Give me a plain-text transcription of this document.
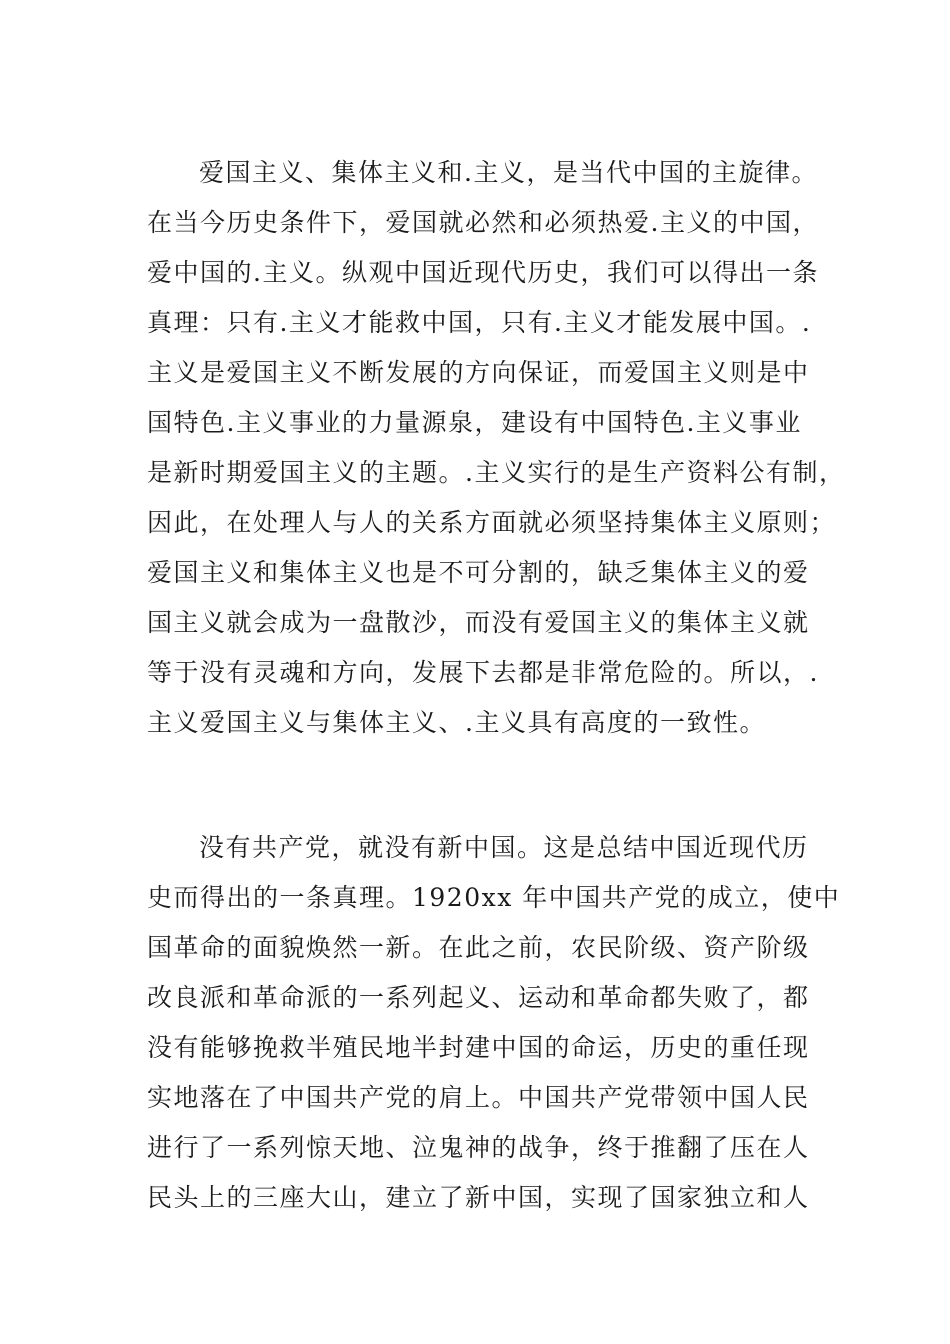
爱国主义、集体主义和.主义，是当代中国的主旋律。
在当今历史条件下，爱国就必然和必须热爱.主义的中国，
爱中国的.主义。纵观中国近现代历史，我们可以得出一条
真理：只有.主义才能救中国，只有.主义才能发展中国。.
主义是爱国主义不断发展的方向保证，而爱国主义则是中
国特色.主义事业的力量源泉，建设有中国特色.主义事业
是新时期爱国主义的主题。.主义实行的是生产资料公有制，
因此，在处理人与人的关系方面就必须坚持集体主义原则；
爱国主义和集体主义也是不可分割的，缺乏集体主义的爱
国主义就会成为一盘散沙，而没有爱国主义的集体主义就
等于没有灵魂和方向，发展下去都是非常危险的。所以，.
主义爱国主义与集体主义、.主义具有高度的一致性。
没有共产党，就没有新中国。这是总结中国近现代历
史而得出的一条真理。1920xx 年中国共产党的成立，使中
国革命的面貌焕然一新。在此之前，农民阶级、资产阶级
改良派和革命派的一系列起义、运动和革命都失败了，都
没有能够挽救半殖民地半封建中国的命运，历史的重任现
实地落在了中国共产党的肩上。中国共产党带领中国人民
进行了一系列惊天地、泣鬼神的战争，终于推翻了压在人
民头上的三座大山，建立了新中国，实现了国家独立和人
